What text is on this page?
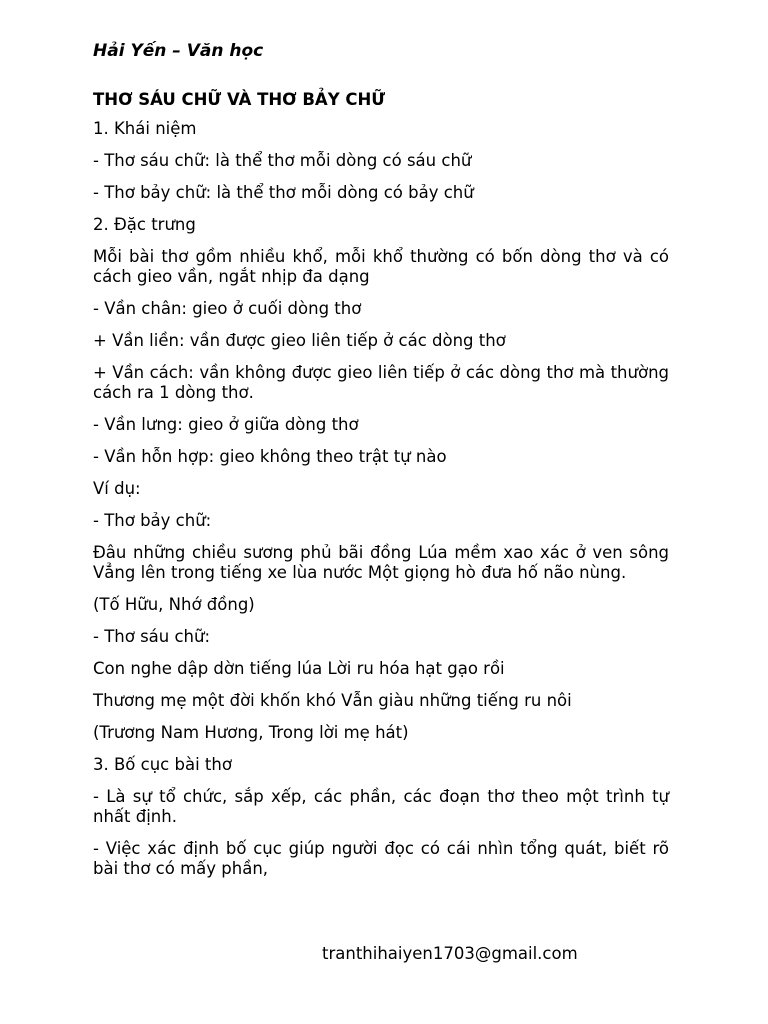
Hải Yến – Văn học
THƠ SÁU CHỮ VÀ THƠ BẢY CHỮ

1. Khái niệm

- Thơ sáu chữ: là thể thơ mỗi dòng có sáu chữ

- Thơ bảy chữ: là thể thơ mỗi dòng có bảy chữ

2. Đặc trưng

Mỗi bài thơ gồm nhiều khổ, mỗi khổ thường có bốn dòng thơ và có cách gieo vần, ngắt nhịp đa dạng

- Vần chân: gieo ở cuối dòng thơ

+ Vần liền: vần được gieo liên tiếp ở các dòng thơ

+ Vần cách: vần không được gieo liên tiếp ở các dòng thơ mà thường cách ra 1 dòng thơ.

- Vần lưng: gieo ở giữa dòng thơ

- Vần hỗn hợp: gieo không theo trật tự nào

Ví dụ:

- Thơ bảy chữ:

Đâu những chiều sương phủ bãi đồng Lúa mềm xao xác ở ven sông Vẳng lên trong tiếng xe lùa nước Một giọng hò đưa hố não nùng.

(Tố Hữu, Nhớ đồng)

- Thơ sáu chữ:

Con nghe dập dờn tiếng lúa Lời ru hóa hạt gạo rồi

Thương mẹ một đời khốn khó Vẫn giàu những tiếng ru nôi

(Trương Nam Hương, Trong lời mẹ hát)

3. Bố cục bài thơ

- Là sự tổ chức, sắp xếp, các phần, các đoạn thơ theo một trình tự nhất định.

- Việc xác định bố cục giúp người đọc có cái nhìn tổng quát, biết rõ bài thơ có mấy phần,

tranthihaiyen1703@gmail.com
